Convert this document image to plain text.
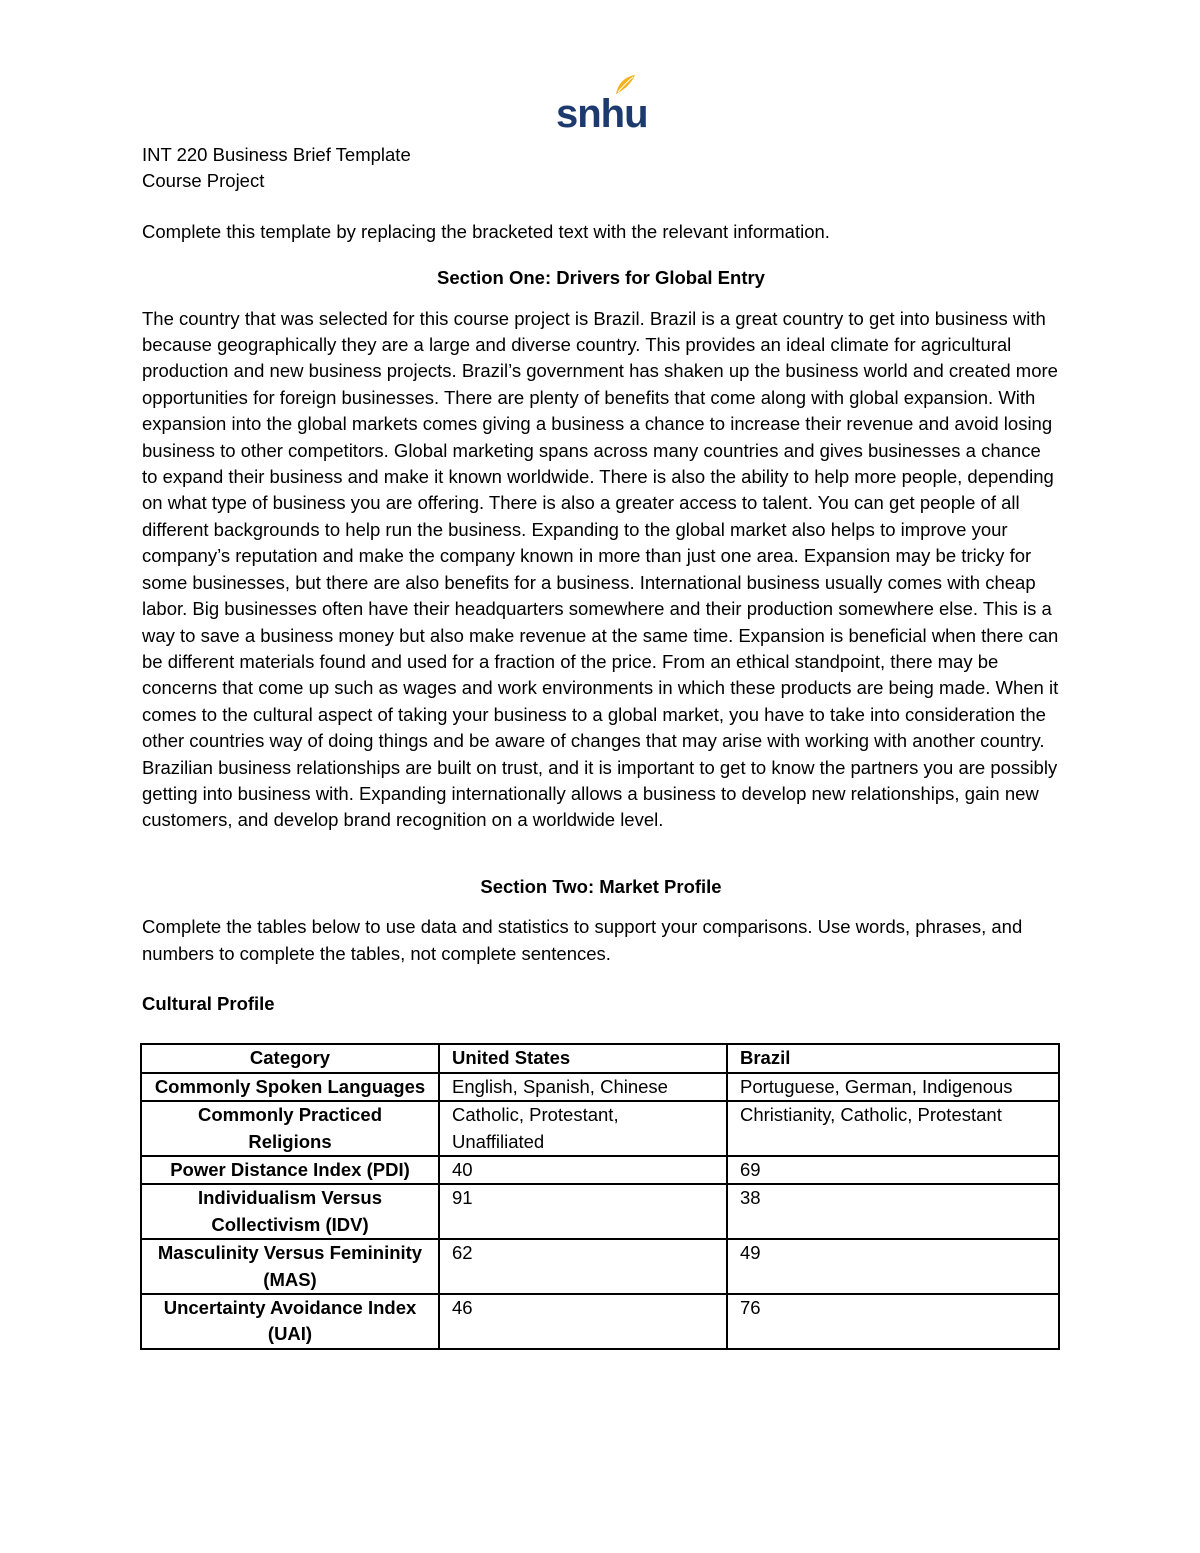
snhu

INT 220 Business Brief Template

Course Project

Complete this template by replacing the bracketed text with the relevant information.

Section One: Drivers for Global Entry

The country that was selected for this course project is Brazil. Brazil is a great country to get into business with because geographically they are a large and diverse country. This provides an ideal climate for agricultural production and new business projects. Brazil’s government has shaken up the business world and created more opportunities for foreign businesses. There are plenty of benefits that come along with global expansion. With expansion into the global markets comes giving a business a chance to increase their revenue and avoid losing business to other competitors. Global marketing spans across many countries and gives businesses a chance to expand their business and make it known worldwide. There is also the ability to help more people, depending on what type of business you are offering. There is also a greater access to talent. You can get people of all different backgrounds to help run the business. Expanding to the global market also helps to improve your company’s reputation and make the company known in more than just one area. Expansion may be tricky for some businesses, but there are also benefits for a business. International business usually comes with cheap labor. Big businesses often have their headquarters somewhere and their production somewhere else. This is a way to save a business money but also make revenue at the same time. Expansion is beneficial when there can be different materials found and used for a fraction of the price. From an ethical standpoint, there may be concerns that come up such as wages and work environments in which these products are being made. When it comes to the cultural aspect of taking your business to a global market, you have to take into consideration the other countries way of doing things and be aware of changes that may arise with working with another country. Brazilian business relationships are built on trust, and it is important to get to know the partners you are possibly getting into business with. Expanding internationally allows a business to develop new relationships, gain new customers, and develop brand recognition on a worldwide level.

Section Two: Market Profile

Complete the tables below to use data and statistics to support your comparisons. Use words, phrases, and numbers to complete the tables, not complete sentences.

Cultural Profile

Category	United States	Brazil
Commonly Spoken Languages	English, Spanish, Chinese	Portuguese, German, Indigenous
Commonly Practiced Religions	Catholic, Protestant, Unaffiliated	Christianity, Catholic, Protestant
Power Distance Index (PDI)	40	69
Individualism Versus Collectivism (IDV)	91	38
Masculinity Versus Femininity (MAS)	62	49
Uncertainty Avoidance Index (UAI)	46	76
